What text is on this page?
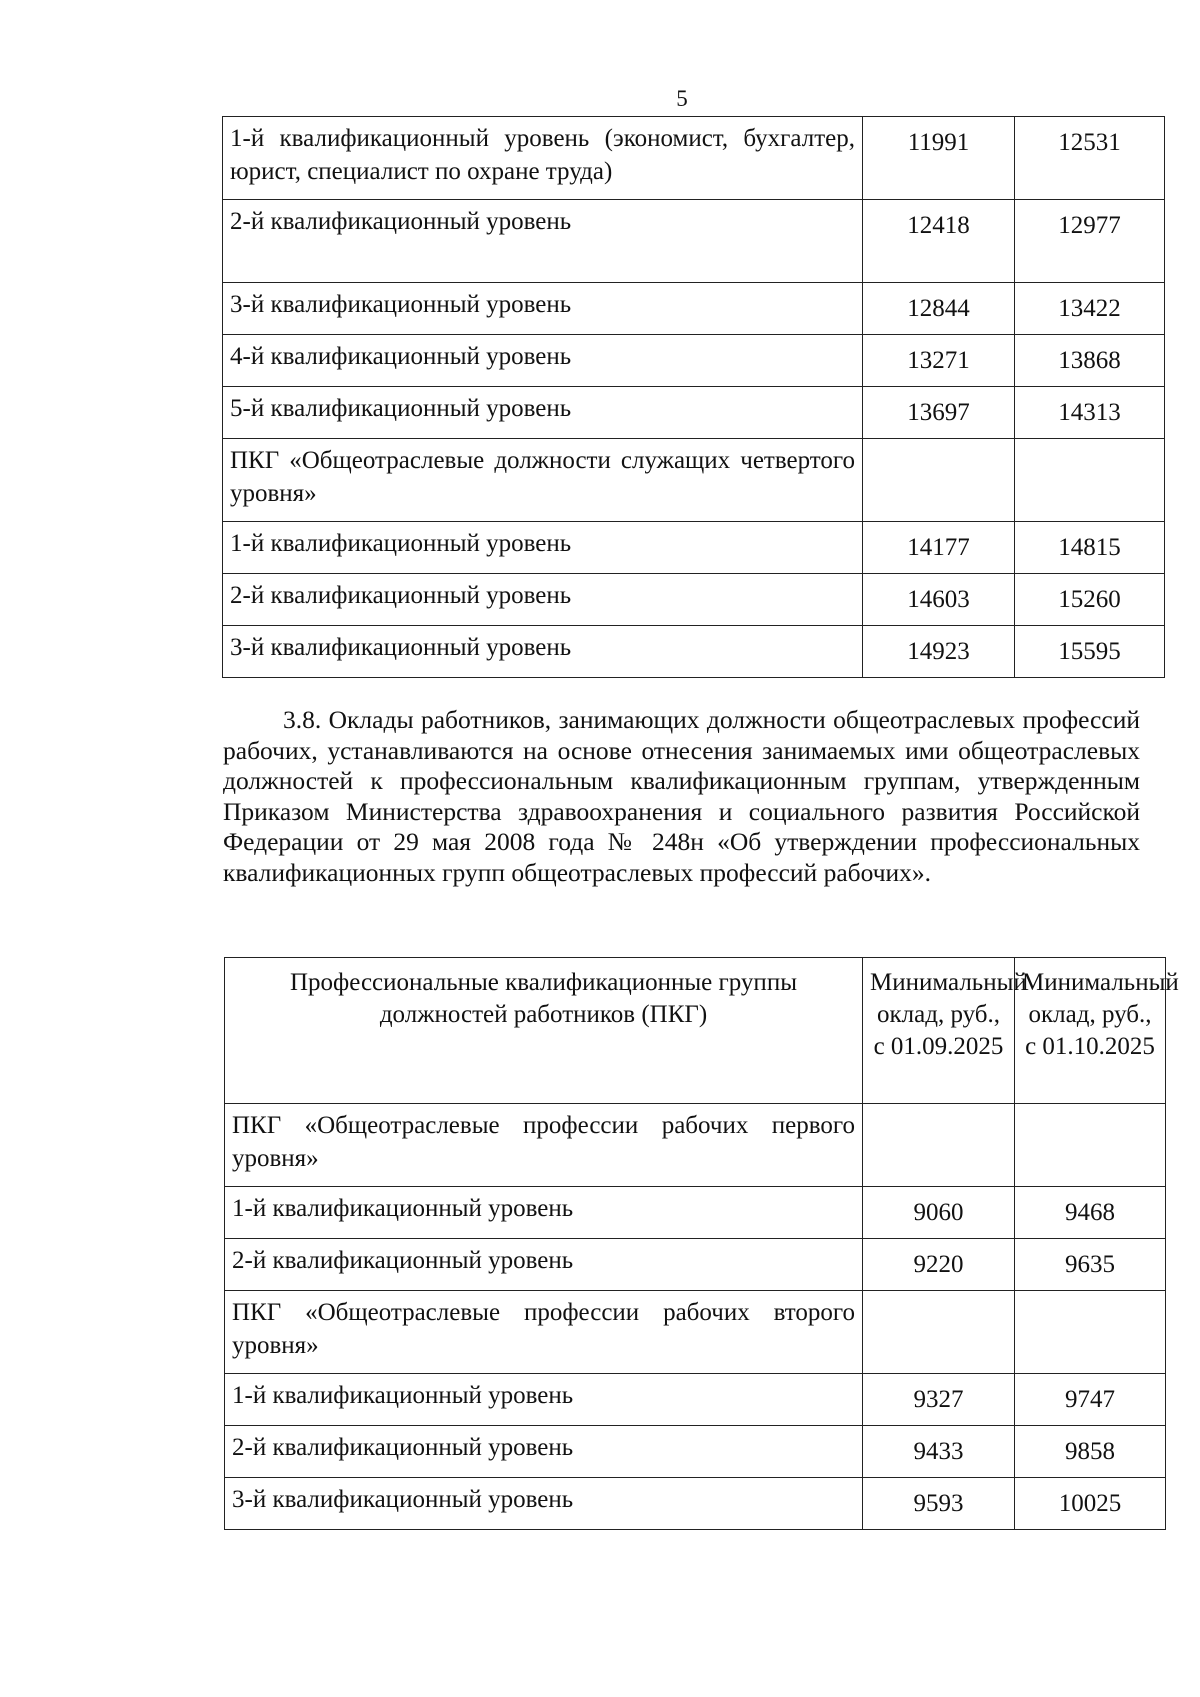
5
1-й квалификационный уровень (экономист, бухгалтер, юрист, специалист по охране труда)	11991	12531
2-й квалификационный уровень	12418	12977
3-й квалификационный уровень	12844	13422
4-й квалификационный уровень	13271	13868
5-й квалификационный уровень	13697	14313
ПКГ «Общеотраслевые должности служащих четвертого уровня»		
1-й квалификационный уровень	14177	14815
2-й квалификационный уровень	14603	15260
3-й квалификационный уровень	14923	15595

3.8. Оклады работников, занимающих должности общеотраслевых профессий рабочих, устанавливаются на основе отнесения занимаемых ими общеотраслевых должностей к профессиональным квалификационным группам, утвержденным Приказом Министерства здравоохранения и социального развития Российской Федерации от 29 мая 2008 года № 248н «Об утверждении профессиональных квалификационных групп общеотраслевых профессий рабочих».

Профессиональные квалификационные группы должностей работников (ПКГ)	Минимальный оклад, руб., с 01.09.2025	Минимальный оклад, руб., с 01.10.2025
ПКГ «Общеотраслевые профессии рабочих первого уровня»		
1-й квалификационный уровень	9060	9468
2-й квалификационный уровень	9220	9635
ПКГ «Общеотраслевые профессии рабочих второго уровня»		
1-й квалификационный уровень	9327	9747
2-й квалификационный уровень	9433	9858
3-й квалификационный уровень	9593	10025
